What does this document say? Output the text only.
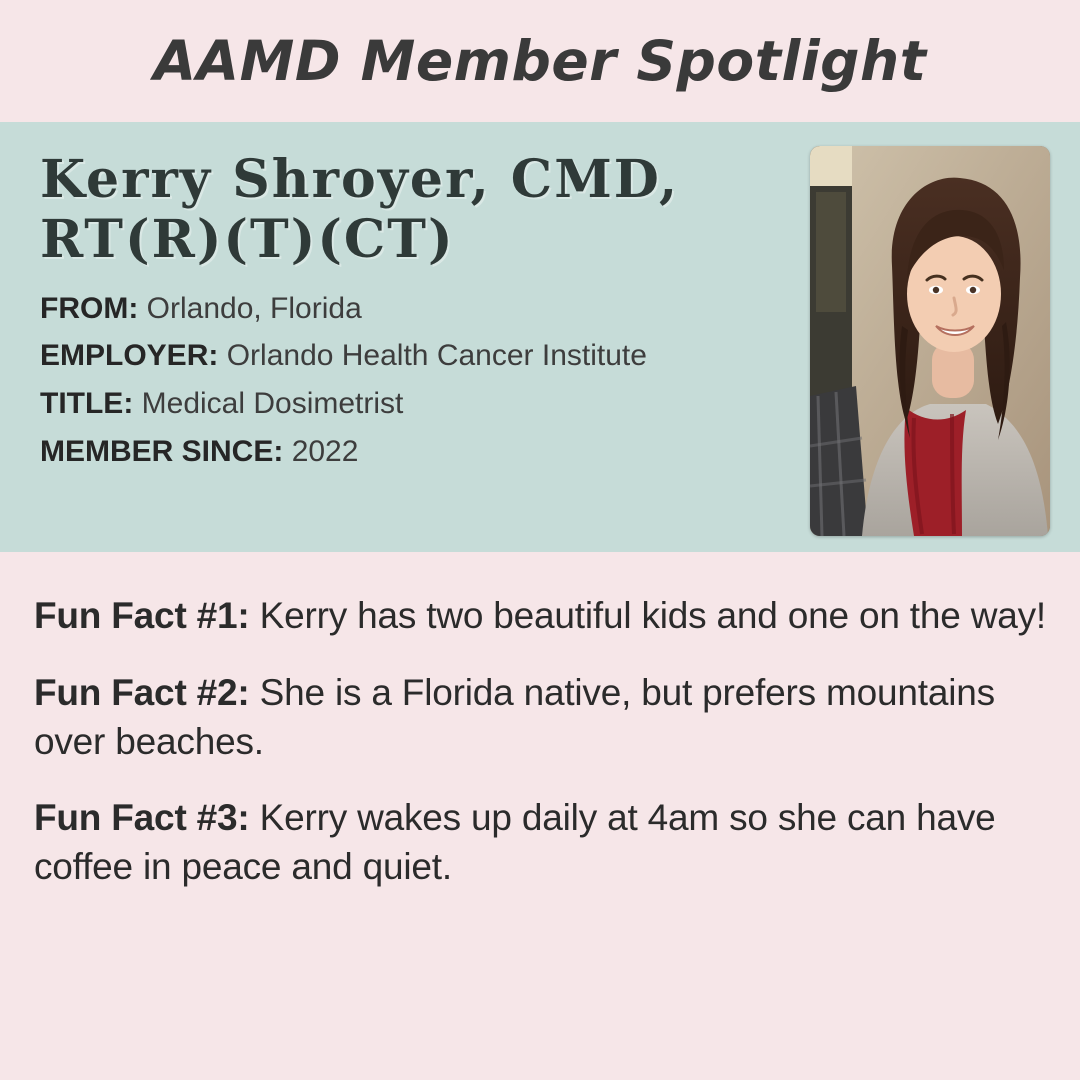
AAMD Member Spotlight
Kerry Shroyer, CMD, RT(R)(T)(CT)
FROM: Orlando, Florida
EMPLOYER: Orlando Health Cancer Institute
TITLE: Medical Dosimetrist
MEMBER SINCE: 2022

Fun Fact #1: Kerry has two beautiful kids and one on the way!

Fun Fact #2: She is a Florida native, but prefers mountains over beaches.

Fun Fact #3: Kerry wakes up daily at 4am so she can have coffee in peace and quiet.
